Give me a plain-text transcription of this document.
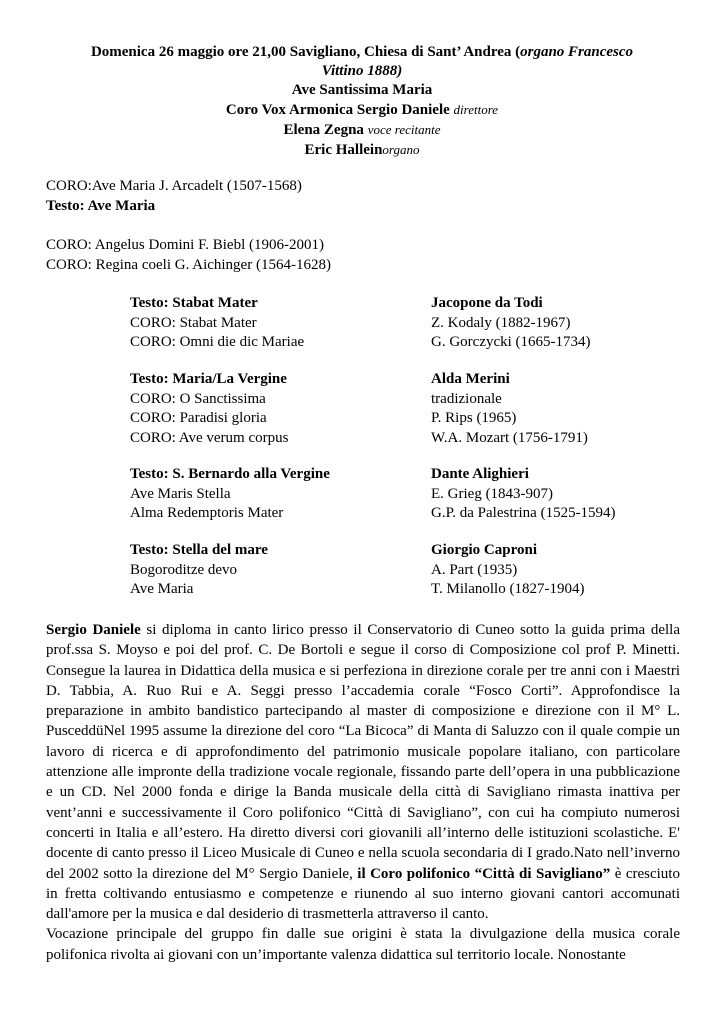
Domenica 26 maggio ore 21,00 Savigliano, Chiesa di Sant’ Andrea (organo Francesco
Vittino 1888)
Ave Santissima Maria
Coro Vox Armonica Sergio Daniele direttore
Elena Zegna voce recitante
Eric Halleinorgano
CORO:Ave Maria J. Arcadelt (1507-1568)
Testo: Ave Maria
CORO: Angelus Domini F. Biebl (1906-2001)
CORO: Regina coeli G. Aichinger (1564-1628)
Testo: Stabat Mater	Jacopone da Todi
CORO: Stabat Mater	Z. Kodaly (1882-1967)
CORO: Omni die dic Mariae	G. Gorczycki (1665-1734)
Testo: Maria/La Vergine	Alda Merini
CORO: O Sanctissima	tradizionale
CORO: Paradisi gloria	P. Rips (1965)
CORO: Ave verum corpus	W.A. Mozart (1756-1791)
Testo: S. Bernardo alla Vergine	Dante Alighieri
Ave Maris Stella	E. Grieg (1843-907)
Alma Redemptoris Mater	G.P. da Palestrina (1525-1594)
Testo: Stella del mare	Giorgio Caproni
Bogoroditze devo	A. Part (1935)
Ave Maria	T. Milanollo (1827-1904)
Sergio Daniele si diploma in canto lirico presso il Conservatorio di Cuneo sotto la guida prima della prof.ssa S. Moyso e poi del prof. C. De Bortoli e segue il corso di Composizione col prof P. Minetti. Consegue la laurea in Didattica della musica e si perfeziona in direzione corale per tre anni con i Maestri D. Tabbia, A. Ruo Rui e A. Seggi presso l’accademia corale “Fosco Corti”. Approfondisce la preparazione in ambito bandistico partecipando al master di composizione e direzione con il M° L. PusceddüNel 1995 assume la direzione del coro “La Bicoca” di Manta di Saluzzo con il quale compie un lavoro di ricerca e di approfondimento del patrimonio musicale popolare italiano, con particolare attenzione alle impronte della tradizione vocale regionale, fissando parte dell’opera in una pubblicazione e un CD. Nel 2000 fonda e dirige la Banda musicale della città di Savigliano rimasta inattiva per vent’anni e successivamente il Coro polifonico “Città di Savigliano”, con cui ha compiuto numerosi concerti in Italia e all’estero. Ha diretto diversi cori giovanili all’interno delle istituzioni scolastiche. E' docente di canto presso il Liceo Musicale di Cuneo e nella scuola secondaria di I grado.Nato nell’inverno del 2002 sotto la direzione del M° Sergio Daniele, il Coro polifonico “Città di Savigliano” è cresciuto in fretta coltivando entusiasmo e competenze e riunendo al suo interno giovani cantori accomunati dall'amore per la musica e dal desiderio di trasmetterla attraverso il canto.
Vocazione principale del gruppo fin dalle sue origini è stata la divulgazione della musica corale polifonica rivolta ai giovani con un’importante valenza didattica sul territorio locale. Nonostante
